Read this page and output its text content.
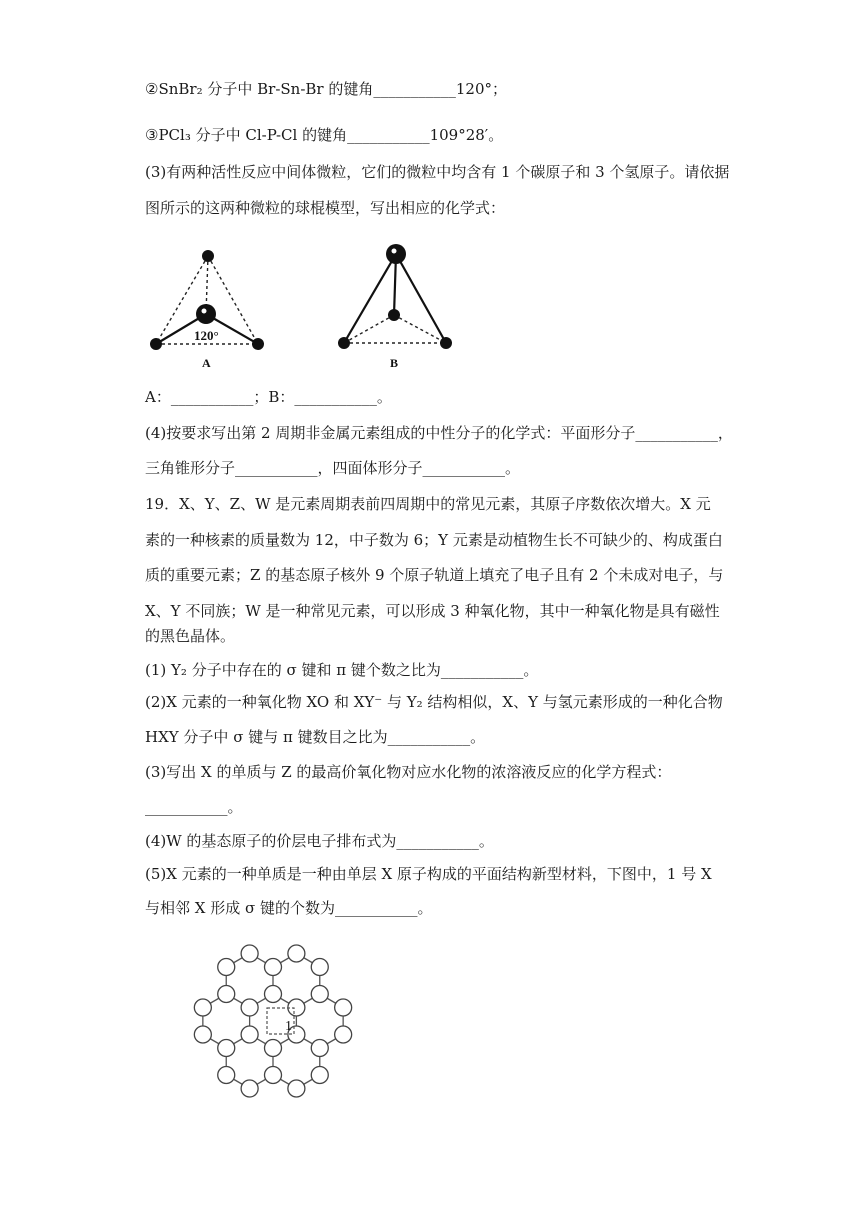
②SnBr₂ 分子中 Br-Sn-Br 的键角___________120°；
③PCl₃ 分子中 Cl-P-Cl 的键角___________109°28′。
(3)有两种活性反应中间体微粒，它们的微粒中均含有 1 个碳原子和 3 个氢原子。请依据
图所示的这两种微粒的球棍模型，写出相应的化学式：
120°
A	B
A：___________；B：___________。
(4)按要求写出第 2 周期非金属元素组成的中性分子的化学式：平面形分子___________，
三角锥形分子___________，四面体形分子___________。
19．X、Y、Z、W 是元素周期表前四周期中的常见元素，其原子序数依次增大。X 元
素的一种核素的质量数为 12，中子数为 6；Y 元素是动植物生长不可缺少的、构成蛋白
质的重要元素；Z 的基态原子核外 9 个原子轨道上填充了电子且有 2 个未成对电子，与
X、Y 不同族；W 是一种常见元素，可以形成 3 种氧化物，其中一种氧化物是具有磁性
的黑色晶体。
(1) Y₂ 分子中存在的 σ 键和 π 键个数之比为___________。
(2)X 元素的一种氧化物 XO 和 XY⁻ 与 Y₂ 结构相似，X、Y 与氢元素形成的一种化合物
HXY 分子中 σ 键与 π 键数目之比为___________。
(3)写出 X 的单质与 Z 的最高价氧化物对应水化物的浓溶液反应的化学方程式：
___________。
(4)W 的基态原子的价层电子排布式为___________。
(5)X 元素的一种单质是一种由单层 X 原子构成的平面结构新型材料，下图中，1 号 X
与相邻 X 形成 σ 键的个数为___________。
1
